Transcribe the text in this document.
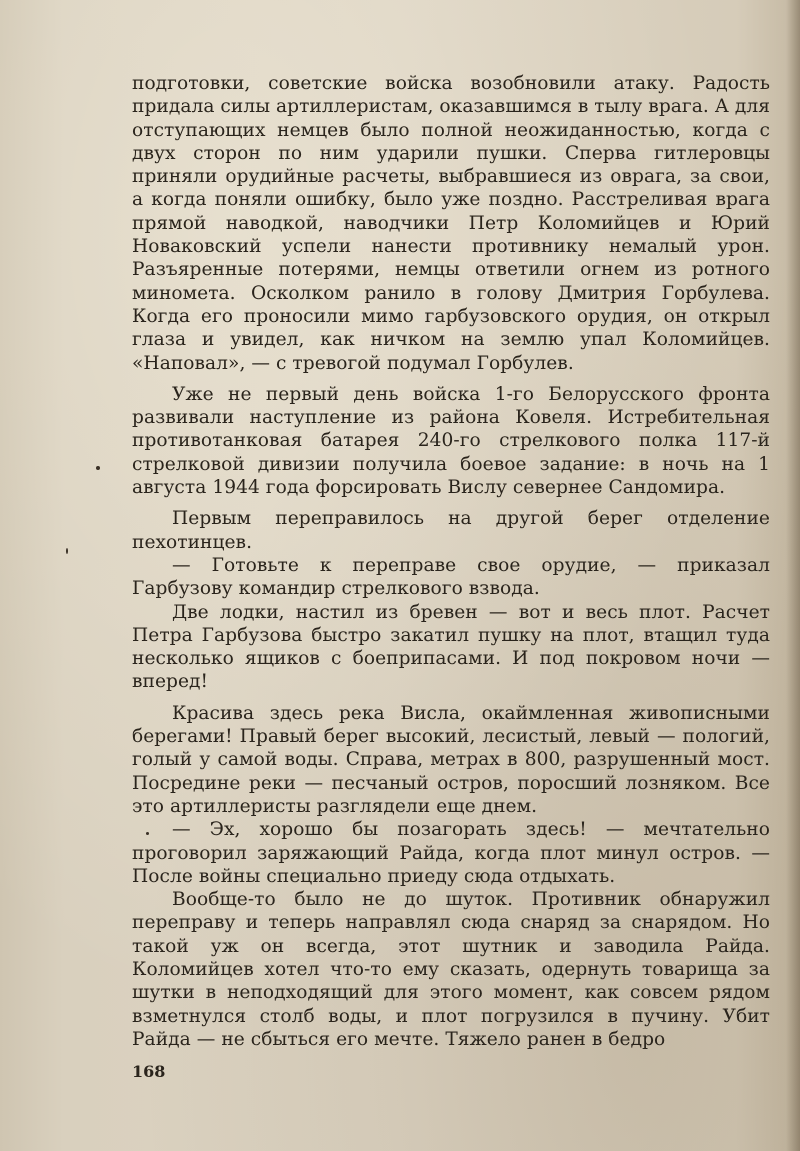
подготовки, советские войска возобновили атаку. Радость придала силы артиллеристам, оказавшимся в тылу врага. А для отступающих немцев было полной неожиданностью, когда с двух сторон по ним ударили пушки. Сперва гитлеровцы приняли орудийные расчеты, выбравшиеся из оврага, за свои, а когда поняли ошибку, было уже поздно. Расстреливая врага прямой наводкой, наводчики Петр Коломийцев и Юрий Новаковский успели нанести противнику немалый урон. Разъяренные потерями, немцы ответили огнем из ротного миномета. Осколком ранило в голову Дмитрия Горбулева. Когда его проносили мимо гарбузовского орудия, он открыл глаза и увидел, как ничком на землю упал Коломийцев. «Наповал», — с тревогой подумал Горбулев.

Уже не первый день войска 1-го Белорусского фронта развивали наступление из района Ковеля. Истребительная противотанковая батарея 240-го стрелкового полка 117-й стрелковой дивизии получила боевое задание: в ночь на 1 августа 1944 года форсировать Вислу севернее Сандомира.

Первым переправилось на другой берег отделение пехотинцев.

— Готовьте к переправе свое орудие, — приказал Гарбузову командир стрелкового взвода.

Две лодки, настил из бревен — вот и весь плот. Расчет Петра Гарбузова быстро закатил пушку на плот, втащил туда несколько ящиков с боеприпасами. И под покровом ночи — вперед!

Красива здесь река Висла, окаймленная живописными берегами! Правый берег высокий, лесистый, левый — пологий, голый у самой воды. Справа, метрах в 800, разрушенный мост. Посредине реки — песчаный остров, поросший лозняком. Все это артиллеристы разглядели еще днем.

— Эх, хорошо бы позагорать здесь! — мечтательно проговорил заряжающий Райда, когда плот минул остров. — После войны специально приеду сюда отдыхать.

Вообще-то было не до шуток. Противник обнаружил переправу и теперь направлял сюда снаряд за снарядом. Но такой уж он всегда, этот шутник и заводила Райда. Коломийцев хотел что-то ему сказать, одернуть товарища за шутки в неподходящий для этого момент, как совсем рядом взметнулся столб воды, и плот погрузился в пучину. Убит Райда — не сбыться его мечте. Тяжело ранен в бедро

168
